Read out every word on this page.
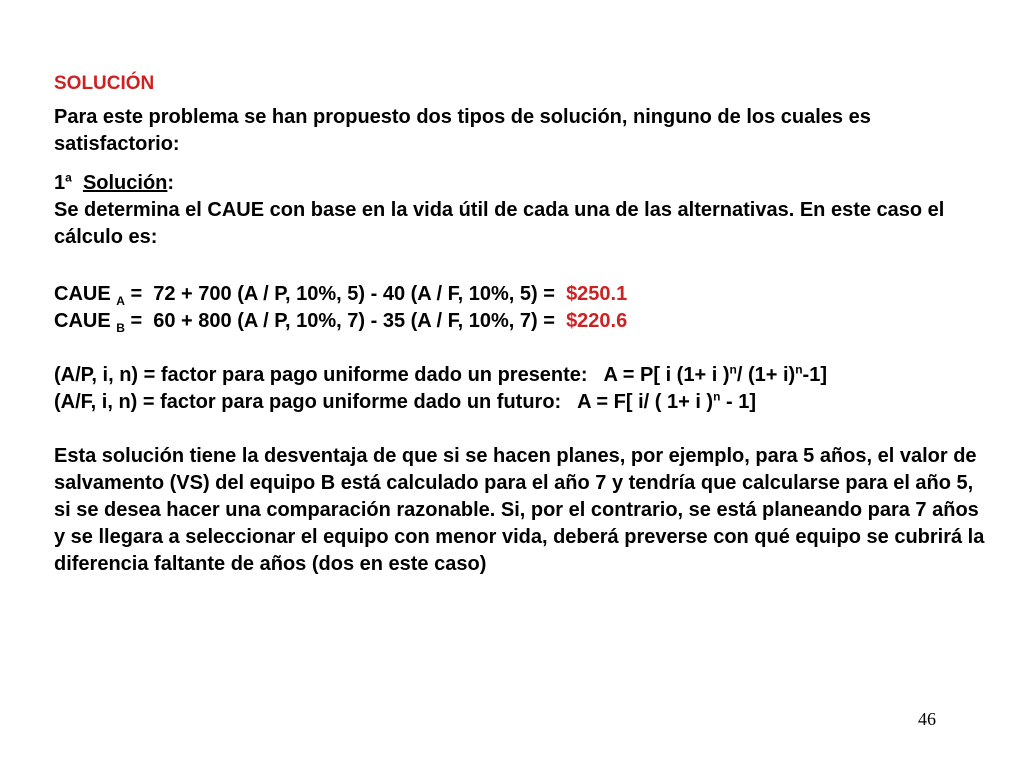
SOLUCIÓN

Para este problema se han propuesto dos tipos de solución, ninguno de los cuales es satisfactorio:

1$^a$ Solución:

Se determina el CAUE con base en la vida útil de cada una de las alternativas. En este caso el cálculo es:

CAUE $_A$ =  72 + 700 (A / P, 10%, 5) - 40 (A / F, 10%, 5) =  $250.1

CAUE $_B$ =  60 + 800 (A / P, 10%, 7) - 35 (A / F, 10%, 7) =  $220.6

(A/P, i, n) = factor para pago uniforme dado un presente:   A = P[ i (1+ i )$^n$/ $(1+ i)^n-1$]

(A/F, i, n) = factor para pago uniforme dado un futuro:   A = F[ i/ ( 1+ i )$^n$ - 1]

Esta solución tiene la desventaja de que si se hacen planes, por ejemplo, para 5 años, el valor de salvamento (VS) del equipo B está calculado para el año 7 y tendría que calcularse para el año 5, si se desea hacer una comparación razonable. Si, por el contrario, se está planeando para 7 años y se llegara a seleccionar el equipo con menor vida, deberá preverse con qué equipo se cubrirá la diferencia faltante de años (dos en este caso)

46
